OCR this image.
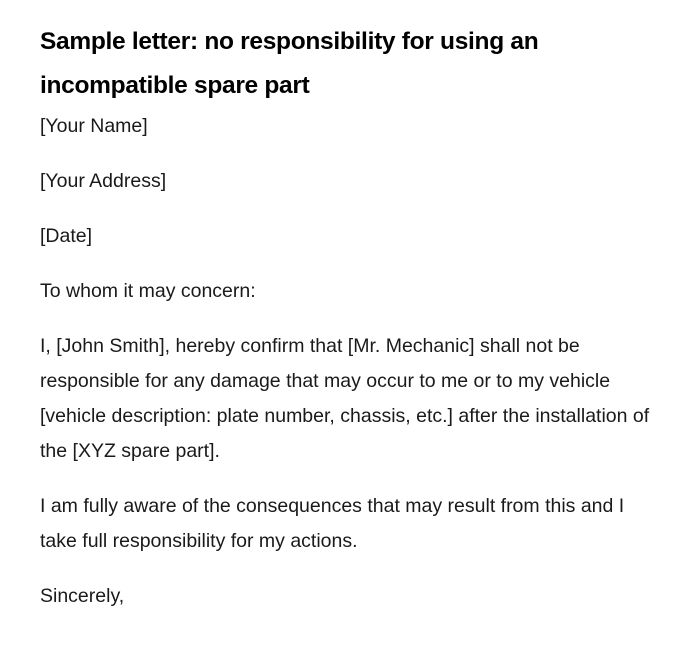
Sample letter: no responsibility for using an incompatible spare part

[Your Name]

[Your Address]

[Date]

To whom it may concern:

I, [John Smith], hereby confirm that [Mr. Mechanic] shall not be responsible for any damage that may occur to me or to my vehicle [vehicle description: plate number, chassis, etc.] after the installation of the [XYZ spare part].

I am fully aware of the consequences that may result from this and I take full responsibility for my actions.

Sincerely,
